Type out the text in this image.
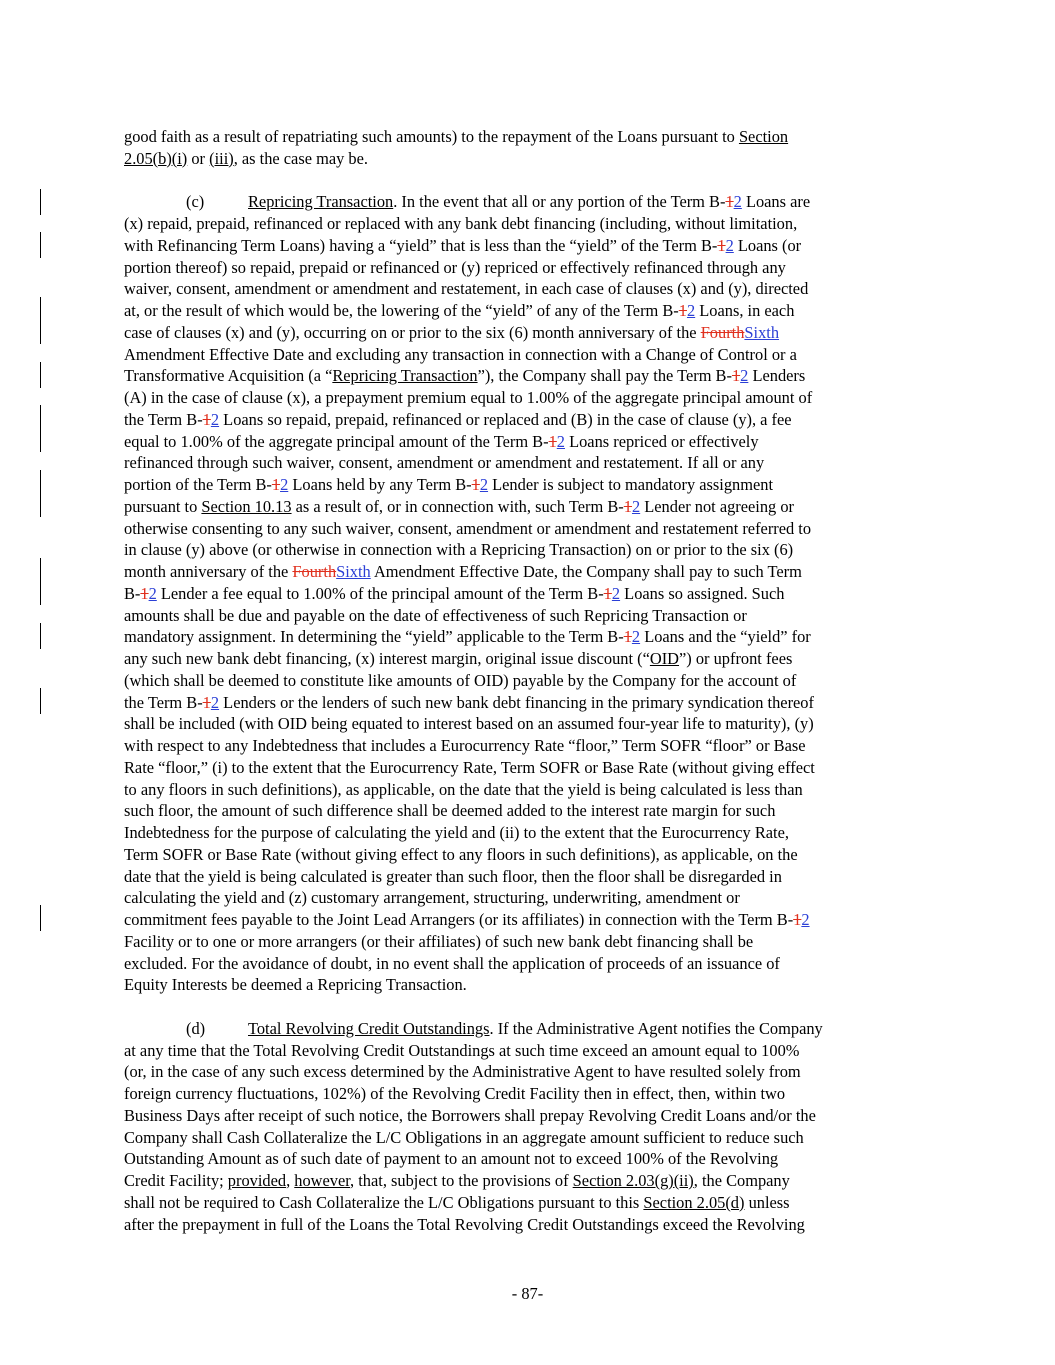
good faith as a result of repatriating such amounts) to the repayment of the Loans pursuant to Section
2.05(b)(i) or (iii), as the case may be.
(c)	Repricing Transaction. In the event that all or any portion of the Term B-12 Loans are
(x) repaid, prepaid, refinanced or replaced with any bank debt financing (including, without limitation,
with Refinancing Term Loans) having a “yield” that is less than the “yield” of the Term B-12 Loans (or
portion thereof) so repaid, prepaid or refinanced or (y) repriced or effectively refinanced through any
waiver, consent, amendment or amendment and restatement, in each case of clauses (x) and (y), directed
at, or the result of which would be, the lowering of the “yield” of any of the Term B-12 Loans, in each
case of clauses (x) and (y), occurring on or prior to the six (6) month anniversary of the FourthSixth
Amendment Effective Date and excluding any transaction in connection with a Change of Control or a
Transformative Acquisition (a “Repricing Transaction”), the Company shall pay the Term B-12 Lenders
(A) in the case of clause (x), a prepayment premium equal to 1.00% of the aggregate principal amount of
the Term B-12 Loans so repaid, prepaid, refinanced or replaced and (B) in the case of clause (y), a fee
equal to 1.00% of the aggregate principal amount of the Term B-12 Loans repriced or effectively
refinanced through such waiver, consent, amendment or amendment and restatement. If all or any
portion of the Term B-12 Loans held by any Term B-12 Lender is subject to mandatory assignment
pursuant to Section 10.13 as a result of, or in connection with, such Term B-12 Lender not agreeing or
otherwise consenting to any such waiver, consent, amendment or amendment and restatement referred to
in clause (y) above (or otherwise in connection with a Repricing Transaction) on or prior to the six (6)
month anniversary of the FourthSixth Amendment Effective Date, the Company shall pay to such Term
B-12 Lender a fee equal to 1.00% of the principal amount of the Term B-12 Loans so assigned. Such
amounts shall be due and payable on the date of effectiveness of such Repricing Transaction or
mandatory assignment. In determining the “yield” applicable to the Term B-12 Loans and the “yield” for
any such new bank debt financing, (x) interest margin, original issue discount (“OID”) or upfront fees
(which shall be deemed to constitute like amounts of OID) payable by the Company for the account of
the Term B-12 Lenders or the lenders of such new bank debt financing in the primary syndication thereof
shall be included (with OID being equated to interest based on an assumed four-year life to maturity), (y)
with respect to any Indebtedness that includes a Eurocurrency Rate “floor,” Term SOFR “floor” or Base
Rate “floor,” (i) to the extent that the Eurocurrency Rate, Term SOFR or Base Rate (without giving effect
to any floors in such definitions), as applicable, on the date that the yield is being calculated is less than
such floor, the amount of such difference shall be deemed added to the interest rate margin for such
Indebtedness for the purpose of calculating the yield and (ii) to the extent that the Eurocurrency Rate,
Term SOFR or Base Rate (without giving effect to any floors in such definitions), as applicable, on the
date that the yield is being calculated is greater than such floor, then the floor shall be disregarded in
calculating the yield and (z) customary arrangement, structuring, underwriting, amendment or
commitment fees payable to the Joint Lead Arrangers (or its affiliates) in connection with the Term B-12
Facility or to one or more arrangers (or their affiliates) of such new bank debt financing shall be
excluded. For the avoidance of doubt, in no event shall the application of proceeds of an issuance of
Equity Interests be deemed a Repricing Transaction.
(d)	Total Revolving Credit Outstandings. If the Administrative Agent notifies the Company
at any time that the Total Revolving Credit Outstandings at such time exceed an amount equal to 100%
(or, in the case of any such excess determined by the Administrative Agent to have resulted solely from
foreign currency fluctuations, 102%) of the Revolving Credit Facility then in effect, then, within two
Business Days after receipt of such notice, the Borrowers shall prepay Revolving Credit Loans and/or the
Company shall Cash Collateralize the L/C Obligations in an aggregate amount sufficient to reduce such
Outstanding Amount as of such date of payment to an amount not to exceed 100% of the Revolving
Credit Facility; provided, however, that, subject to the provisions of Section 2.03(g)(ii), the Company
shall not be required to Cash Collateralize the L/C Obligations pursuant to this Section 2.05(d) unless
after the prepayment in full of the Loans the Total Revolving Credit Outstandings exceed the Revolving
- 87-
